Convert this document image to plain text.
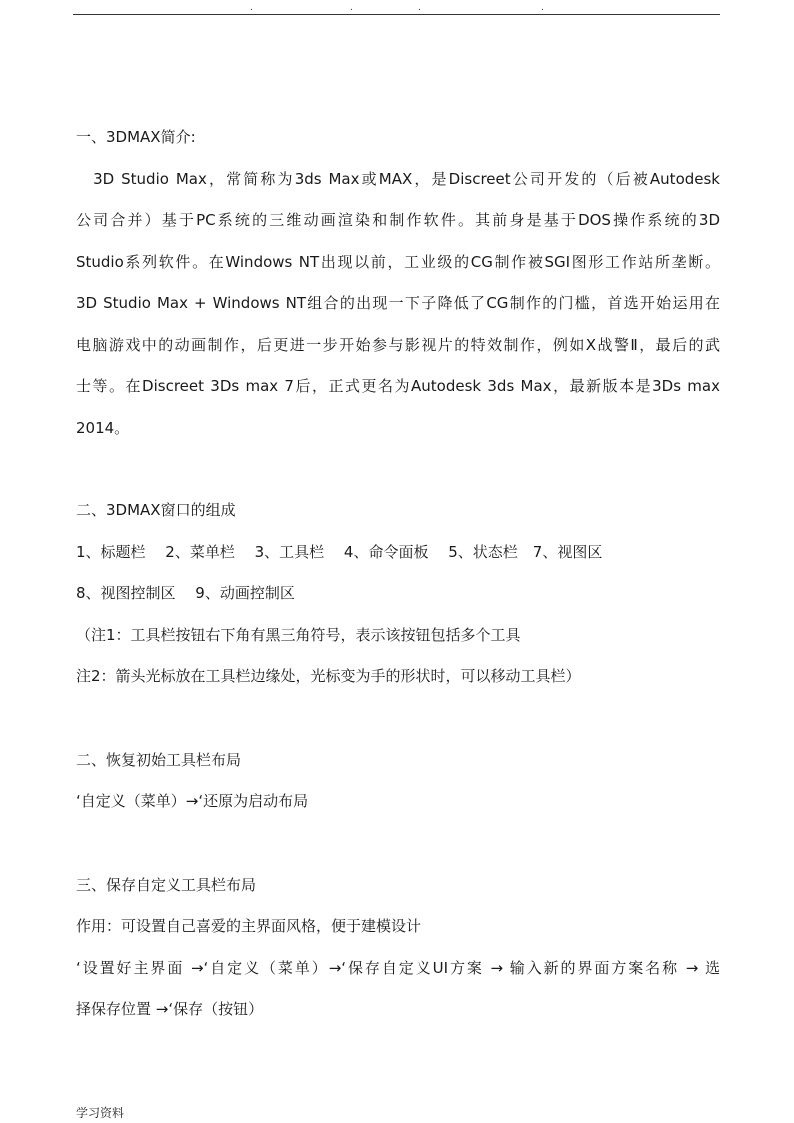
.	.	.	.
一、3DMAX简介:
　3D Studio Max，常简称为3ds Max或MAX，是Discreet公司开发的（后被Autodesk
公司合并）基于PC系统的三维动画渲染和制作软件。其前身是基于DOS操作系统的3D
Studio系列软件。在Windows NT出现以前，工业级的CG制作被SGI图形工作站所垄断。
3D Studio Max + Windows NT组合的出现一下子降低了CG制作的门槛，首选开始运用在
电脑游戏中的动画制作，后更进一步开始参与影视片的特效制作，例如X战警Ⅱ，最后的武
士等。在Discreet 3Ds max 7后，正式更名为Autodesk 3ds Max，最新版本是3Ds max
2014。
二、3DMAX窗口的组成
1、标题栏　 2、菜单栏　 3、工具栏　 4、命令面板　 5、状态栏　7、视图区
8、视图控制区　 9、动画控制区
（注1：工具栏按钮右下角有黑三角符号，表示该按钮包括多个工具
注2：箭头光标放在工具栏边缘处，光标变为手的形状时，可以移动工具栏）
二、恢复初始工具栏布局
‘自定义（菜单）→‘还原为启动布局
三、保存自定义工具栏布局
作用：可设置自己喜爱的主界面风格，便于建模设计
‘设置好主界面 →‘自定义（菜单）→‘保存自定义UI方案 → 输入新的界面方案名称 → 选
择保存位置 →‘保存（按钮）
学习资料
